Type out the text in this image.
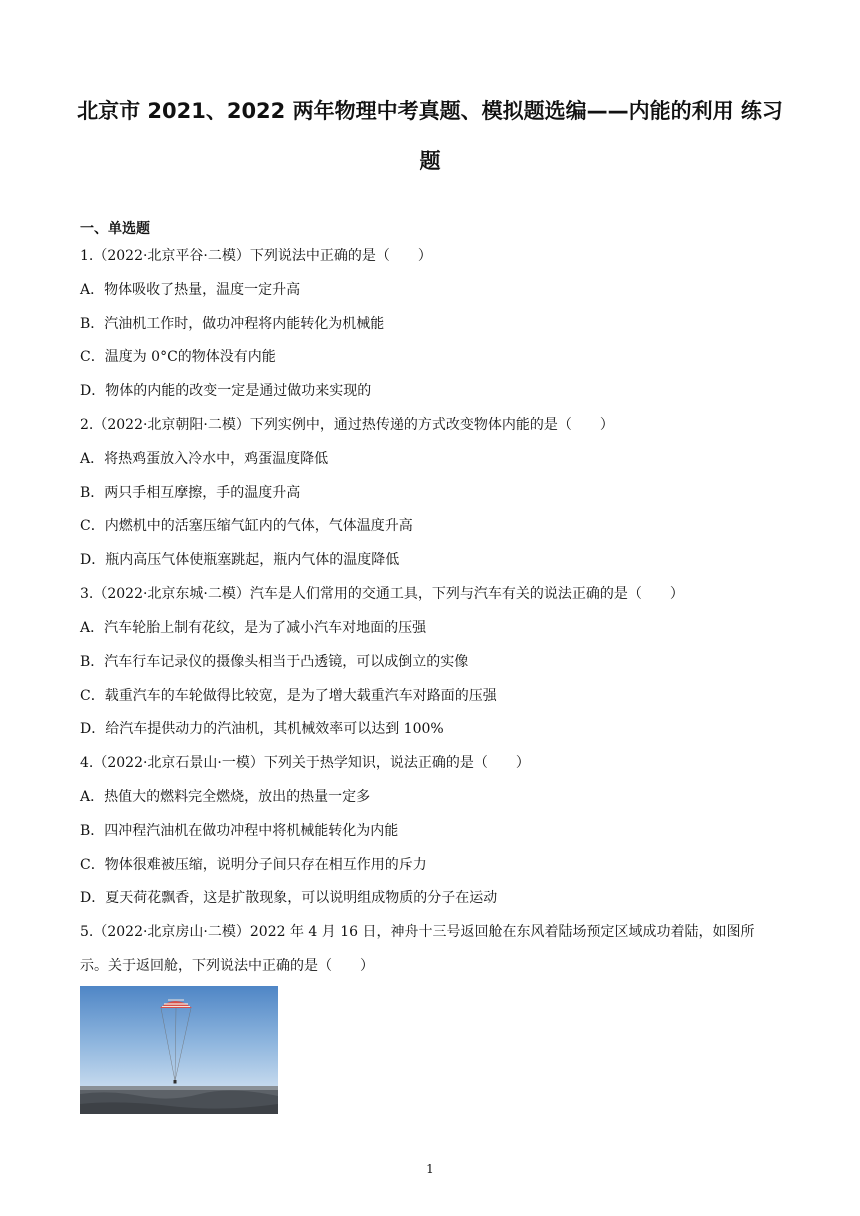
北京市 2021、2022 两年物理中考真题、模拟题选编——内能的利用 练习题
一、单选题
1.（2022·北京平谷·二模）下列说法中正确的是（　　）
A．物体吸收了热量，温度一定升高
B．汽油机工作时，做功冲程将内能转化为机械能
C．温度为 0°C的物体没有内能
D．物体的内能的改变一定是通过做功来实现的
2.（2022·北京朝阳·二模）下列实例中，通过热传递的方式改变物体内能的是（　　）
A．将热鸡蛋放入冷水中，鸡蛋温度降低
B．两只手相互摩擦，手的温度升高
C．内燃机中的活塞压缩气缸内的气体，气体温度升高
D．瓶内高压气体使瓶塞跳起，瓶内气体的温度降低
3.（2022·北京东城·二模）汽车是人们常用的交通工具，下列与汽车有关的说法正确的是（　　）
A．汽车轮胎上制有花纹，是为了减小汽车对地面的压强
B．汽车行车记录仪的摄像头相当于凸透镜，可以成倒立的实像
C．载重汽车的车轮做得比较宽，是为了增大载重汽车对路面的压强
D．给汽车提供动力的汽油机，其机械效率可以达到 100%
4.（2022·北京石景山·一模）下列关于热学知识，说法正确的是（　　）
A．热值大的燃料完全燃烧，放出的热量一定多
B．四冲程汽油机在做功冲程中将机械能转化为内能
C．物体很难被压缩，说明分子间只存在相互作用的斥力
D．夏天荷花飘香，这是扩散现象，可以说明组成物质的分子在运动
5.（2022·北京房山·二模）2022 年 4 月 16 日，神舟十三号返回舱在东风着陆场预定区域成功着陆，如图所示。关于返回舱，下列说法中正确的是（　　）
1
